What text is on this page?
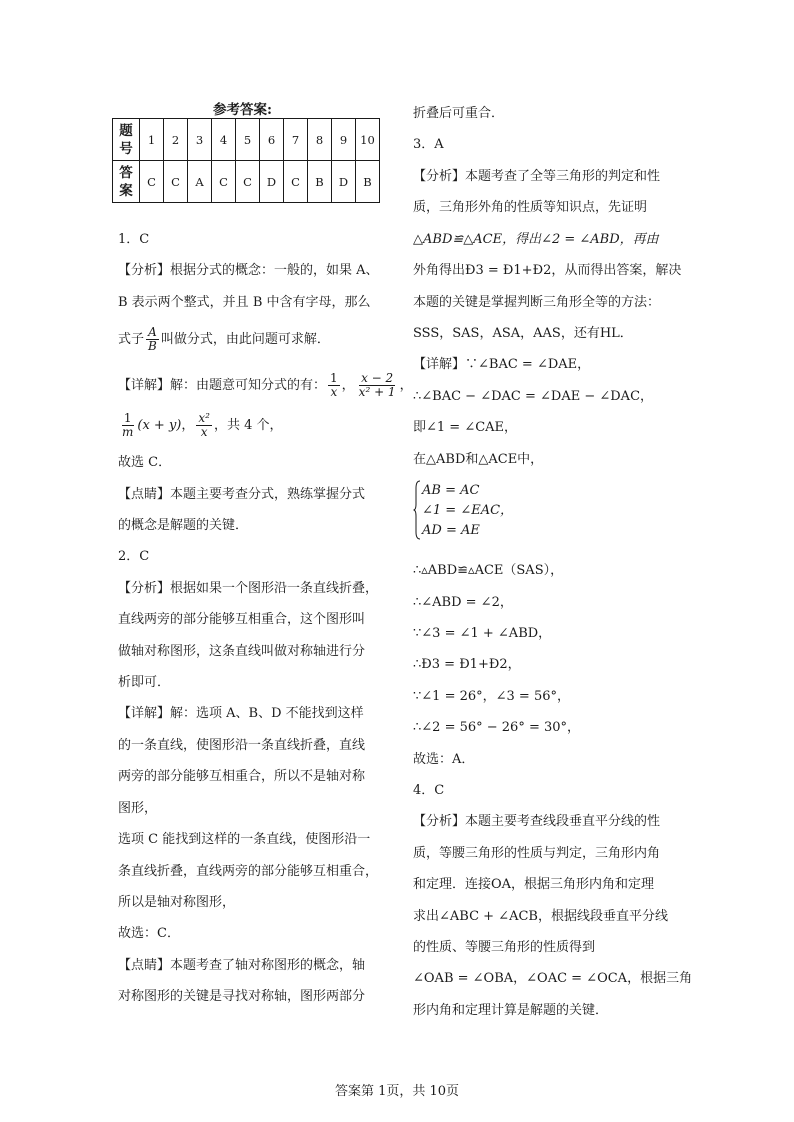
参考答案:
题号	1	2	3	4	5	6	7	8	9	10
答案	C	C	A	C	C	D	C	B	D	B
1．C
【分析】根据分式的概念：一般的，如果 A、
B 表示两个整式，并且 B 中含有字母，那么
式子 $\frac{A}{B}$ 叫做分式，由此问题可求解．
【详解】解：由题意可知分式的有： $\frac{1}{x}$ ， $\frac{x - 2}{\text{x² + 1}}$ ，
$\frac{1}{m} (x + y)$， $\frac{\text{x²}}{x}$ ，共 4 个，
故选 C．
【点睛】本题主要考查分式，熟练掌握分式
的概念是解题的关键．
2．C
【分析】根据如果一个图形沿一条直线折叠，
直线两旁的部分能够互相重合，这个图形叫
做轴对称图形，这条直线叫做对称轴进行分
析即可．
【详解】解：选项 A、B、D 不能找到这样
的一条直线，使图形沿一条直线折叠，直线
两旁的部分能够互相重合，所以不是轴对称
图形，
选项 C 能找到这样的一条直线，使图形沿一
条直线折叠，直线两旁的部分能够互相重合，
所以是轴对称图形，
故选：C．
【点睛】本题考查了轴对称图形的概念，轴
对称图形的关键是寻找对称轴，图形两部分
折叠后可重合．
3．A
【分析】本题考查了全等三角形的判定和性
质，三角形外角的性质等知识点，先证明
△ABD≌△ACE，得出∠2 = ∠ABD，再由
外角得出Ð3 = Ð1+Ð2，从而得出答案，解决
本题的关键是掌握判断三角形全等的方法：
SSS，SAS，ASA，AAS，还有HL．
【详解】∵∠BAC = ∠DAE，
∴∠BAC − ∠DAC = ∠DAE − ∠DAC，
即∠1 = ∠CAE，
在△ABD和△ACE中，
AB = AC
∠1 = ∠EAC，
AD = AE
∴▵ABD≌▵ACE（SAS），
∴∠ABD = ∠2，
∵∠3 = ∠1 + ∠ABD，
∴Ð3 = Ð1+Ð2，
∵∠1 = 26°，∠3 = 56°，
∴∠2 = 56° − 26° = 30°，
故选：A．
4．C
【分析】本题主要考查线段垂直平分线的性
质，等腰三角形的性质与判定，三角形内角
和定理．连接OA，根据三角形内角和定理
求出∠ABC + ∠ACB，根据线段垂直平分线
的性质、等腰三角形的性质得到
∠OAB = ∠OBA，∠OAC = ∠OCA，根据三角
形内角和定理计算是解题的关键．
答案第 1页，共 10页
